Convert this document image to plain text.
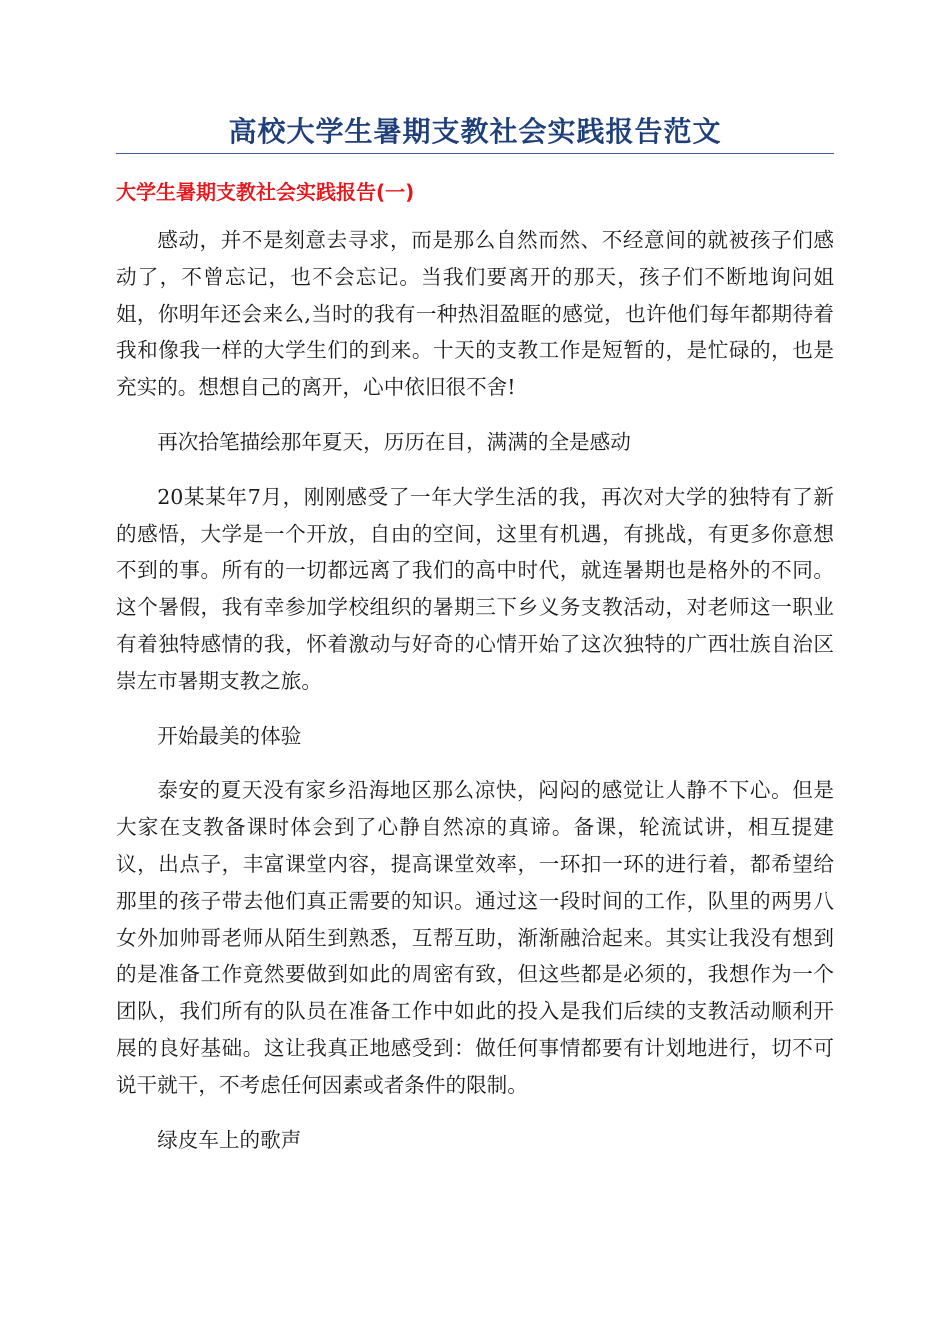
高校大学生暑期支教社会实践报告范文
大学生暑期支教社会实践报告(一)

感动，并不是刻意去寻求，而是那么自然而然、不经意间的就被孩子们感动了，不曾忘记，也不会忘记。当我们要离开的那天，孩子们不断地询问姐姐，你明年还会来么,当时的我有一种热泪盈眶的感觉，也许他们每年都期待着我和像我一样的大学生们的到来。十天的支教工作是短暂的，是忙碌的，也是充实的。想想自己的离开，心中依旧很不舍!

再次拾笔描绘那年夏天，历历在目，满满的全是感动

20某某年7月，刚刚感受了一年大学生活的我，再次对大学的独特有了新的感悟，大学是一个开放，自由的空间，这里有机遇，有挑战，有更多你意想不到的事。所有的一切都远离了我们的高中时代，就连暑期也是格外的不同。这个暑假，我有幸参加学校组织的暑期三下乡义务支教活动，对老师这一职业有着独特感情的我，怀着激动与好奇的心情开始了这次独特的广西壮族自治区崇左市暑期支教之旅。

开始最美的体验

泰安的夏天没有家乡沿海地区那么凉快，闷闷的感觉让人静不下心。但是大家在支教备课时体会到了心静自然凉的真谛。备课，轮流试讲，相互提建议，出点子，丰富课堂内容，提高课堂效率，一环扣一环的进行着，都希望给那里的孩子带去他们真正需要的知识。通过这一段时间的工作，队里的两男八女外加帅哥老师从陌生到熟悉，互帮互助，渐渐融洽起来。其实让我没有想到的是准备工作竟然要做到如此的周密有致，但这些都是必须的，我想作为一个团队，我们所有的队员在准备工作中如此的投入是我们后续的支教活动顺利开展的良好基础。这让我真正地感受到：做任何事情都要有计划地进行，切不可说干就干，不考虑任何因素或者条件的限制。

绿皮车上的歌声
